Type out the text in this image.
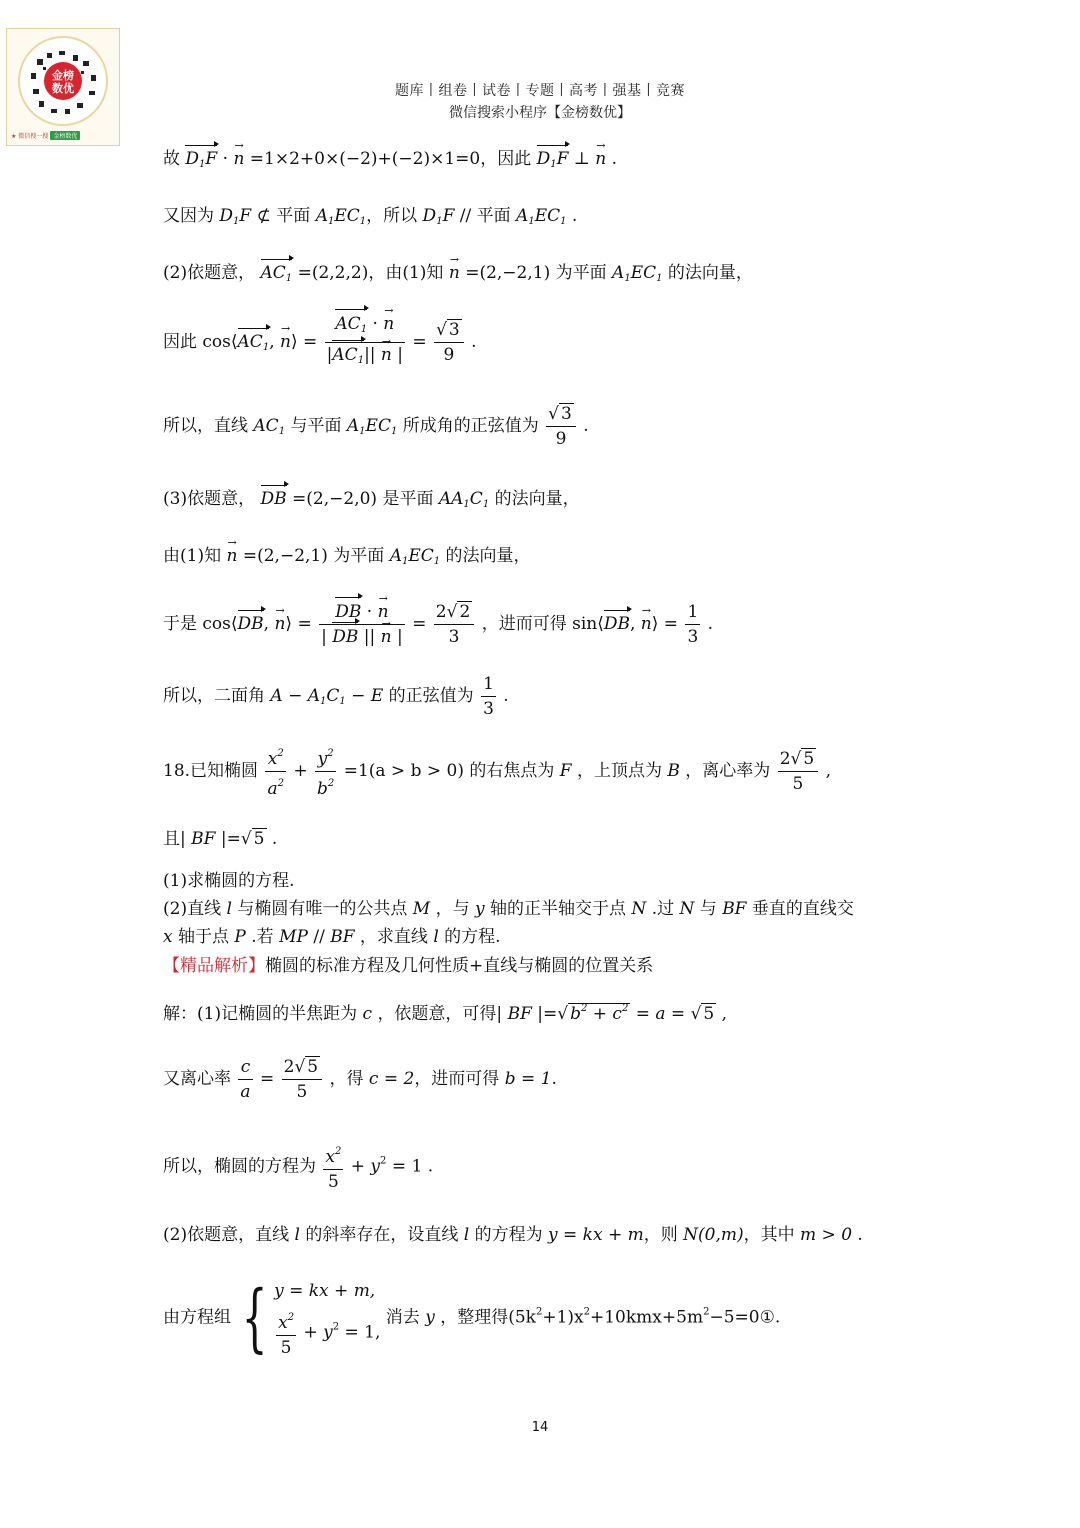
金榜
数优
★ 微信搜一搜 金榜数优
题库丨组卷丨试卷丨专题丨高考丨强基丨竞赛
微信搜索小程序【金榜数优】
故 $D_1F$ · → n =1×2+0×(−2)+(−2)×1=0，因此 $D_1F$ ⊥ → n .
又因为 $D_1F$ ⊄ 平面 $A_1EC_1$，所以 $D_1F$ // 平面 $A_1EC_1$ .
(2)依题意， $AC_1 =(2,2,2)$，由(1)知 → n =(2,−2,1) 为平面 $A_1EC_1$ 的法向量，
因此 $\cos⟨AC_1$, → n⟩ = $\frac{AC_1 \cdot \to n}{|AC_1|| \to n |} = \frac{√ 3}{9}$ .
所以，直线 $AC_1$ 与平面 $A_1EC_1$ 所成角的正弦值为 $\frac{√ 3}{9}$ .
(3)依题意， DB =(2,−2,0) 是平面 $AA_1C_1$ 的法向量，
由(1)知 → n =(2,−2,1) 为平面 $A_1EC_1$ 的法向量，
于是 cos⟨DB, → n⟩ = $\frac{DB \cdot \to n}{| DB || \to n |} = \frac{2√ 2}{3}$ ，进而可得 sin⟨DB, → n⟩ = $\frac{1}{3}$ .
所以，二面角 $A - A_1C_1 - E$ 的正弦值为 $\frac{1}{3}$ .
18.已知椭圆 $\frac{x^2}{a^2} + \frac{y^2}{b^2} =1(a > b > 0)$ 的右焦点为 F ，上顶点为 B ，离心率为 $\frac{2√ 5}{5}$ ,
且| BF |=√ 5 .
(1)求椭圆的方程.
(2)直线 l 与椭圆有唯一的公共点 M ，与 y 轴的正半轴交于点 N .过 N 与 BF 垂直的直线交
x 轴于点 P .若 MP // BF ，求直线 l 的方程.
【精品解析】椭圆的标准方程及几何性质+直线与椭圆的位置关系
解：(1)记椭圆的半焦距为 c ，依题意，可得| BF |=√ $b^2 + c^2 = a$ = √ 5 ,
又离心率 $\frac{c}{a} = \frac{2√ 5}{5}$ ，得 c = 2，进而可得 b = 1.
所以，椭圆的方程为 $\frac{x^2}{5} + y^2 = 1$ .
(2)依题意，直线 l 的斜率存在，设直线 l 的方程为 y = kx + m，则 N(0,m)，其中 m > 0 .
由方程组 { y = kx + m,
$\frac{x^2}{5} + y^2 = 1$,
消去 y ，整理得$(5k^2+1)x^2+10kmx+5m^2-5=0①$.
14
